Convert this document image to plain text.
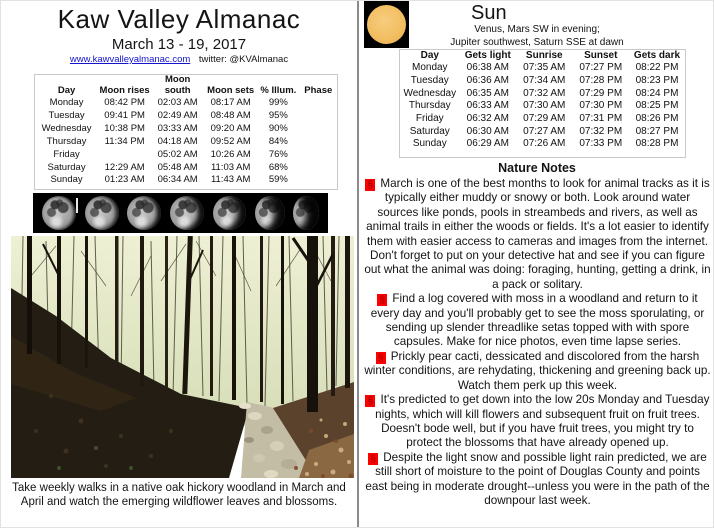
Kaw Valley Almanac
March 13 - 19, 2017
www.kawvalleyalmanac.com twitter: @KVAlmanac
Day	Moon rises	Moon south	Moon sets	% Illum.	Phase
Monday	08:42 PM	02:03 AM	08:17 AM	99%	
Tuesday	09:41 PM	02:49 AM	08:48 AM	95%	
Wednesday	10:38 PM	03:33 AM	09:20 AM	90%	
Thursday	11:34 PM	04:18 AM	09:52 AM	84%	
Friday		05:02 AM	10:26 AM	76%	
Saturday	12:29 AM	05:48 AM	11:03 AM	68%	
Sunday	01:23 AM	06:34 AM	11:43 AM	59%	
Take weekly walks in a native oak hickory woodland in March and April and watch the emerging wildflower leaves and blossoms.
Sun
Venus, Mars SW in evening;
Jupiter southwest, Saturn SSE at dawn
Day	Gets light	Sunrise	Sunset	Gets dark
Monday	06:38 AM	07:35 AM	07:27 PM	08:22 PM
Tuesday	06:36 AM	07:34 AM	07:28 PM	08:23 PM
Wednesday	06:35 AM	07:32 AM	07:29 PM	08:24 PM
Thursday	06:33 AM	07:30 AM	07:30 PM	08:25 PM
Friday	06:32 AM	07:29 AM	07:31 PM	08:26 PM
Saturday	06:30 AM	07:27 AM	07:32 PM	08:27 PM
Sunday	06:29 AM	07:26 AM	07:33 PM	08:28 PM
Nature Notes

§ March is one of the best months to look for animal tracks as it is typically either muddy or snowy or both. Look around water sources like ponds, pools in streambeds and rivers, as well as animal trails in either the woods or fields. It's a lot easier to identify them with easier access to cameras and images from the internet. Don't forget to put on your detective hat and see if you can figure out what the animal was doing: foraging, hunting, getting a drink, in a pack or solitary.

§ Find a log covered with moss in a woodland and return to it every day and you'll probably get to see the moss sporulating, or sending up slender threadlike setas topped with with spore capsules. Make for nice photos, even time lapse series.

§ Prickly pear cacti, dessicated and discolored from the harsh winter conditions, are rehydating, thickening and greening back up. Watch them perk up this week.

§ It's predicted to get down into the low 20s Monday and Tuesday nights, which will kill flowers and subsequent fruit on fruit trees. Doesn't bode well, but if you have fruit trees, you might try to protect the blossoms that have already opened up.

§ Despite the light snow and possible light rain predicted, we are still short of moisture to the point of Douglas County and points east being in moderate drought--unless you were in the path of the downpour last week.
